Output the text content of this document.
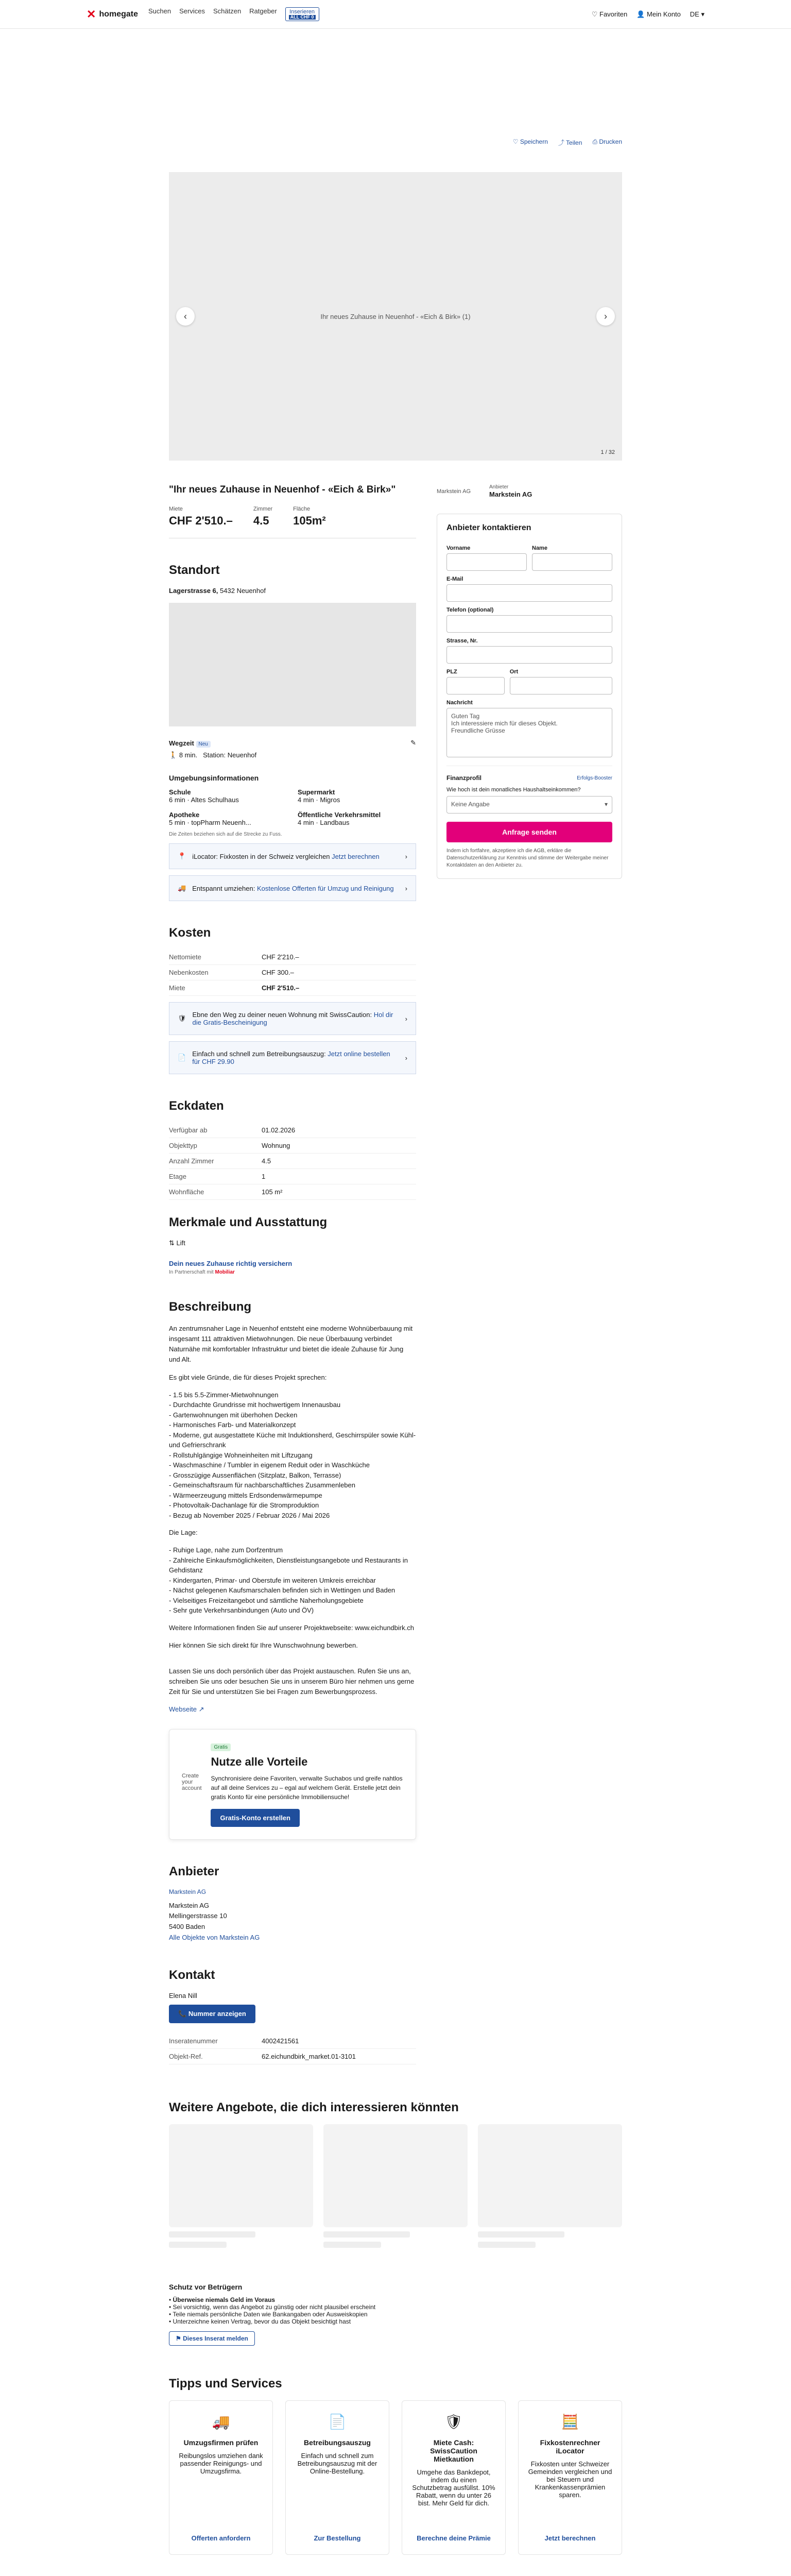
✕ homegate Suchen Services Schätzen Ratgeber	Inserieren
ALL CHF 0	♡ Favoriten 👤 Mein Konto DE ▾
♡ Speichern ⤴ Teilen ⎙ Drucken
Ihr neues Zuhause in Neuenhof - «Eich & Birk» (1)
‹	›
1 / 32
"Ihr neues Zuhause in Neuenhof - «Eich & Birk»"
Miete
CHF 2'510.–
Zimmer
4.5
Fläche
105m²
Standort
Lagerstrasse 6, 5432 Neuenhof
Wegzeit Neu	✎
🚶 8 min. Station: Neuenhof
Umgebungsinformationen
Schule
6 min · Altes Schulhaus
Supermarkt
4 min · Migros
Apotheke
5 min · topPharm Neuenh...
Öffentliche Verkehrsmittel
4 min · Landbaus
Die Zeiten beziehen sich auf die Strecke zu Fuss.
📍 iLocator: Fixkosten in der Schweiz vergleichen Jetzt berechnen	›
🚚 Entspannt umziehen: Kostenlose Offerten für Umzug und Reinigung ›
Kosten
Nettomiete	CHF 2'210.–
Nebenkosten	CHF 300.–
Miete	CHF 2'510.–
🛡 Ebne den Weg zu deiner neuen Wohnung mit SwissCaution: Hol dir die Gratis-Bescheinigung	›
📄 Einfach und schnell zum Betreibungsauszug: Jetzt online bestellen für CHF 29.90	›
Eckdaten
Verfügbar ab	01.02.2026
Objekttyp	Wohnung
Anzahl Zimmer	4.5
Etage	1
Wohnfläche	105 m²
Merkmale und Ausstattung
⇅ Lift
Dein neues Zuhause richtig versichern
In Partnerschaft mit Mobiliar
Beschreibung

An zentrumsnaher Lage in Neuenhof entsteht eine moderne Wohnüberbauung mit insgesamt 111 attraktiven Mietwohnungen. Die neue Überbauung verbindet Naturnähe mit komfortabler Infrastruktur und bietet die ideale Zuhause für Jung und Alt.

Es gibt viele Gründe, die für dieses Projekt sprechen:

- 1.5 bis 5.5-Zimmer-Mietwohnungen
- Durchdachte Grundrisse mit hochwertigem Innenausbau
- Gartenwohnungen mit überhohen Decken
- Harmonisches Farb- und Materialkonzept
- Moderne, gut ausgestattete Küche mit Induktionsherd, Geschirrspüler sowie Kühl- und Gefrierschrank
- Rollstuhlgängige Wohneinheiten mit Liftzugang
- Waschmaschine / Tumbler in eigenem Reduit oder in Waschküche
- Grosszügige Aussenflächen (Sitzplatz, Balkon, Terrasse)
- Gemeinschaftsraum für nachbarschaftliches Zusammenleben
- Wärmeerzeugung mittels Erdsondenwärmepumpe
- Photovoltaik-Dachanlage für die Stromproduktion
- Bezug ab November 2025 / Februar 2026 / Mai 2026

Die Lage:

- Ruhige Lage, nahe zum Dorfzentrum
- Zahlreiche Einkaufsmöglichkeiten, Dienstleistungsangebote und Restaurants in Gehdistanz
- Kindergarten, Primar- und Oberstufe im weiteren Umkreis erreichbar
- Nächst gelegenen Kaufsmarschalen befinden sich in Wettingen und Baden
- Vielseitiges Freizeitangebot und sämtliche Naherholungsgebiete
- Sehr gute Verkehrsanbindungen (Auto und ÖV)

Weitere Informationen finden Sie auf unserer Projektwebseite: www.eichundbirk.ch

Hier können Sie sich direkt für Ihre Wunschwohnung bewerben.

Lassen Sie uns doch persönlich über das Projekt austauschen. Rufen Sie uns an, schreiben Sie uns oder besuchen Sie uns in unserem Büro hier nehmen uns gerne Zeit für Sie und unterstützen Sie bei Fragen zum Bewerbungsprozess.

Webseite ↗
Create your account
Gratis
Nutze alle Vorteile

Synchronisiere deine Favoriten, verwalte Suchabos und greife nahtlos auf all deine Services zu – egal auf welchem Gerät. Erstelle jetzt dein gratis Konto für eine persönliche Immobiliensuche!

Gratis-Konto erstellen
Anbieter
Markstein AG
Markstein AG
Mellingerstrasse 10
5400 Baden
Alle Objekte von Markstein AG
Kontakt
Elena Nill
📞 Nummer anzeigen
Inseratenummer	4002421561
Objekt-Ref.	62.eichundbirk_market.01-3101
Markstein AG
Anbieter
Markstein AG
Anbieter kontaktieren
Vorname	Name
E-Mail
Telefon (optional)
Strasse, Nr.
PLZ	Ort
Nachricht
Guten Tag
Ich interessiere mich für dieses Objekt.
Freundliche Grüsse
Finanzprofil	Erfolgs-Booster
Wie hoch ist dein monatliches Haushaltseinkommen?
Keine Angabe	▾
Anfrage senden

Indem ich fortfahre, akzeptiere ich die AGB, erkläre die Datenschutzerklärung zur Kenntnis und stimme der Weitergabe meiner Kontaktdaten an den Anbieter zu.

Weitere Angebote, die dich interessieren könnten
Schutz vor Betrügern
• Überweise niemals Geld im Voraus
• Sei vorsichtig, wenn das Angebot zu günstig oder nicht plausibel erscheint
• Teile niemals persönliche Daten wie Bankangaben oder Ausweiskopien
• Unterzeichne keinen Vertrag, bevor du das Objekt besichtigt hast
⚑ Dieses Inserat melden
Tipps und Services
🚚
Umzugsfirmen prüfen
Reibungslos umziehen dank passender Reinigungs- und Umzugsfirma.
Offerten anfordern
📄
Betreibungsauszug
Einfach und schnell zum Betreibungsauszug mit der Online-Bestellung.
Zur Bestellung
🛡
Miete Cash: SwissCaution Mietkaution
Umgehe das Bankdepot, indem du einen Schutzbetrag ausfüllst. 10% Rabatt, wenn du unter 26 bist. Mehr Geld für dich.
Berechne deine Prämie
🧮
Fixkostenrechner iLocator
Fixkosten unter Schweizer Gemeinden vergleichen und bei Steuern und Krankenkassenprämien sparen.
Jetzt berechnen
